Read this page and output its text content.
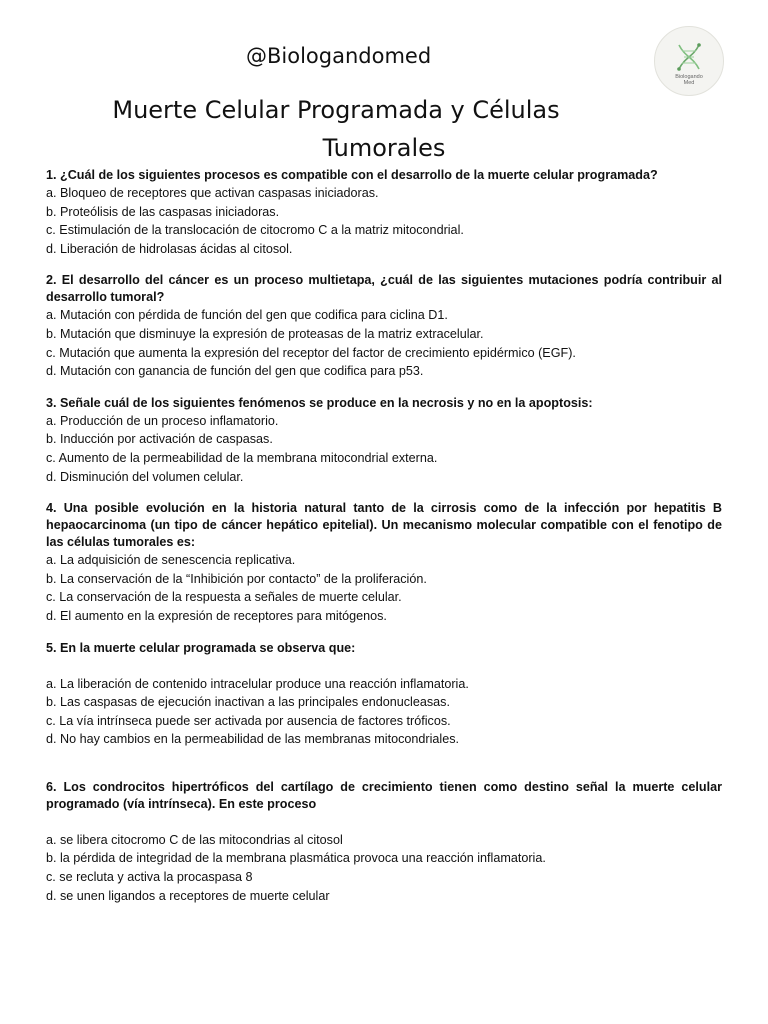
@Biologandomed
Biologando
Med
Muerte Celular Programada y Células
Tumorales

1. ¿Cuál de los siguientes procesos es compatible con el desarrollo de la muerte celular programada?

a. Bloqueo de receptores que activan caspasas iniciadoras.

b. Proteólisis de las caspasas iniciadoras.

c. Estimulación de la translocación de citocromo C a la matriz mitocondrial.

d. Liberación de hidrolasas ácidas al citosol.

2. El desarrollo del cáncer es un proceso multietapa, ¿cuál de las siguientes mutaciones podría contribuir al desarrollo tumoral?

a. Mutación con pérdida de función del gen que codifica para ciclina D1.

b. Mutación que disminuye la expresión de proteasas de la matriz extracelular.

c. Mutación que aumenta la expresión del receptor del factor de crecimiento epidérmico (EGF).

d. Mutación con ganancia de función del gen que codifica para p53.

3. Señale cuál de los siguientes fenómenos se produce en la necrosis y no en la apoptosis:

a. Producción de un proceso inflamatorio.

b. Inducción por activación de caspasas.

c. Aumento de la permeabilidad de la membrana mitocondrial externa.

d. Disminución del volumen celular.

4. Una posible evolución en la historia natural tanto de la cirrosis como de la infección por hepatitis B hepaocarcinoma (un tipo de cáncer hepático epitelial). Un mecanismo molecular compatible con el fenotipo de las células tumorales es:

a. La adquisición de senescencia replicativa.

b. La conservación de la “Inhibición por contacto” de la proliferación.

c. La conservación de la respuesta a señales de muerte celular.

d. El aumento en la expresión de receptores para mitógenos.

5. En la muerte celular programada se observa que:

a. La liberación de contenido intracelular produce una reacción inflamatoria.

b. Las caspasas de ejecución inactivan a las principales endonucleasas.

c. La vía intrínseca puede ser activada por ausencia de factores tróficos.

d. No hay cambios en la permeabilidad de las membranas mitocondriales.

6. Los condrocitos hipertróficos del cartílago de crecimiento tienen como destino señal la muerte celular programado (vía intrínseca). En este proceso

a. se libera citocromo C de las mitocondrias al citosol

b. la pérdida de integridad de la membrana plasmática provoca una reacción inflamatoria.

c. se recluta y activa la procaspasa 8

d. se unen ligandos a receptores de muerte celular
